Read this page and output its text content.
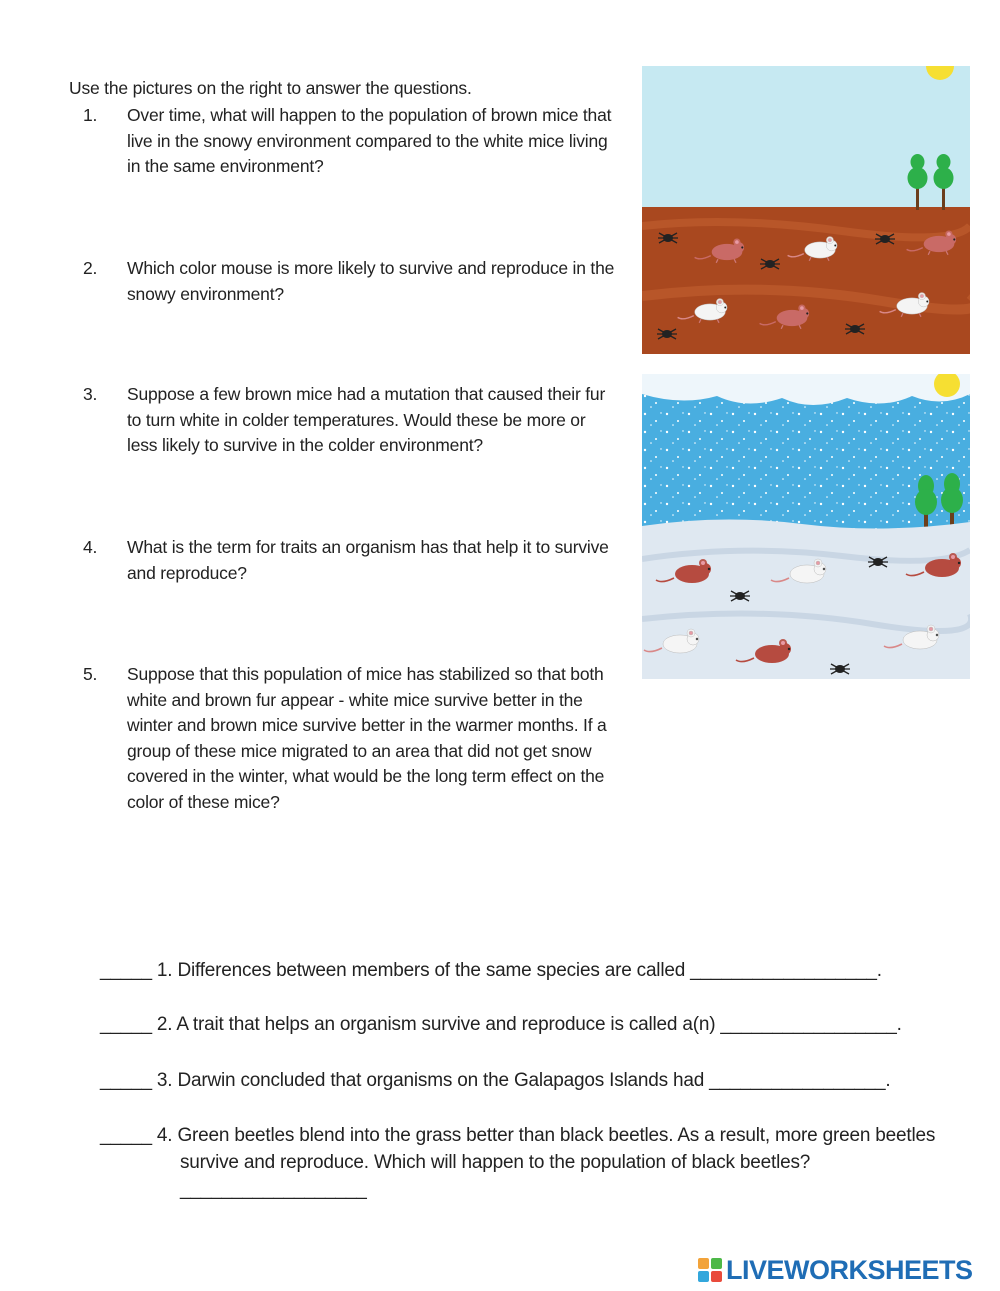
Use the pictures on the right to answer the questions.
1. Over time, what will happen to the population of brown mice that live in the snowy environment compared to the white mice living in the same environment?
2. Which color mouse is more likely to survive and reproduce in the snowy environment?
3. Suppose a few brown mice had a mutation that caused their fur to turn white in colder temperatures. Would these be more or less likely to survive in the colder environment?
4. What is the term for traits an organism has that help it to survive and reproduce?
5. Suppose that this population of mice has stabilized so that both white and brown fur appear - white mice survive better in the winter and brown mice survive better in the warmer months. If a group of these mice migrated to an area that did not get snow covered in the winter, what would be the long term effect on the color of these mice?
_____ 1. Differences between members of the same species are called __________________.
_____ 2. A trait that helps an organism survive and reproduce is called a(n) _________________.
_____ 3. Darwin concluded that organisms on the Galapagos Islands had _________________.
_____ 4. Green beetles blend into the grass better than black beetles. As a result, more green beetles
survive and reproduce. Which will happen to the population of black beetles?
__________________
LIVEWORKSHEETS
